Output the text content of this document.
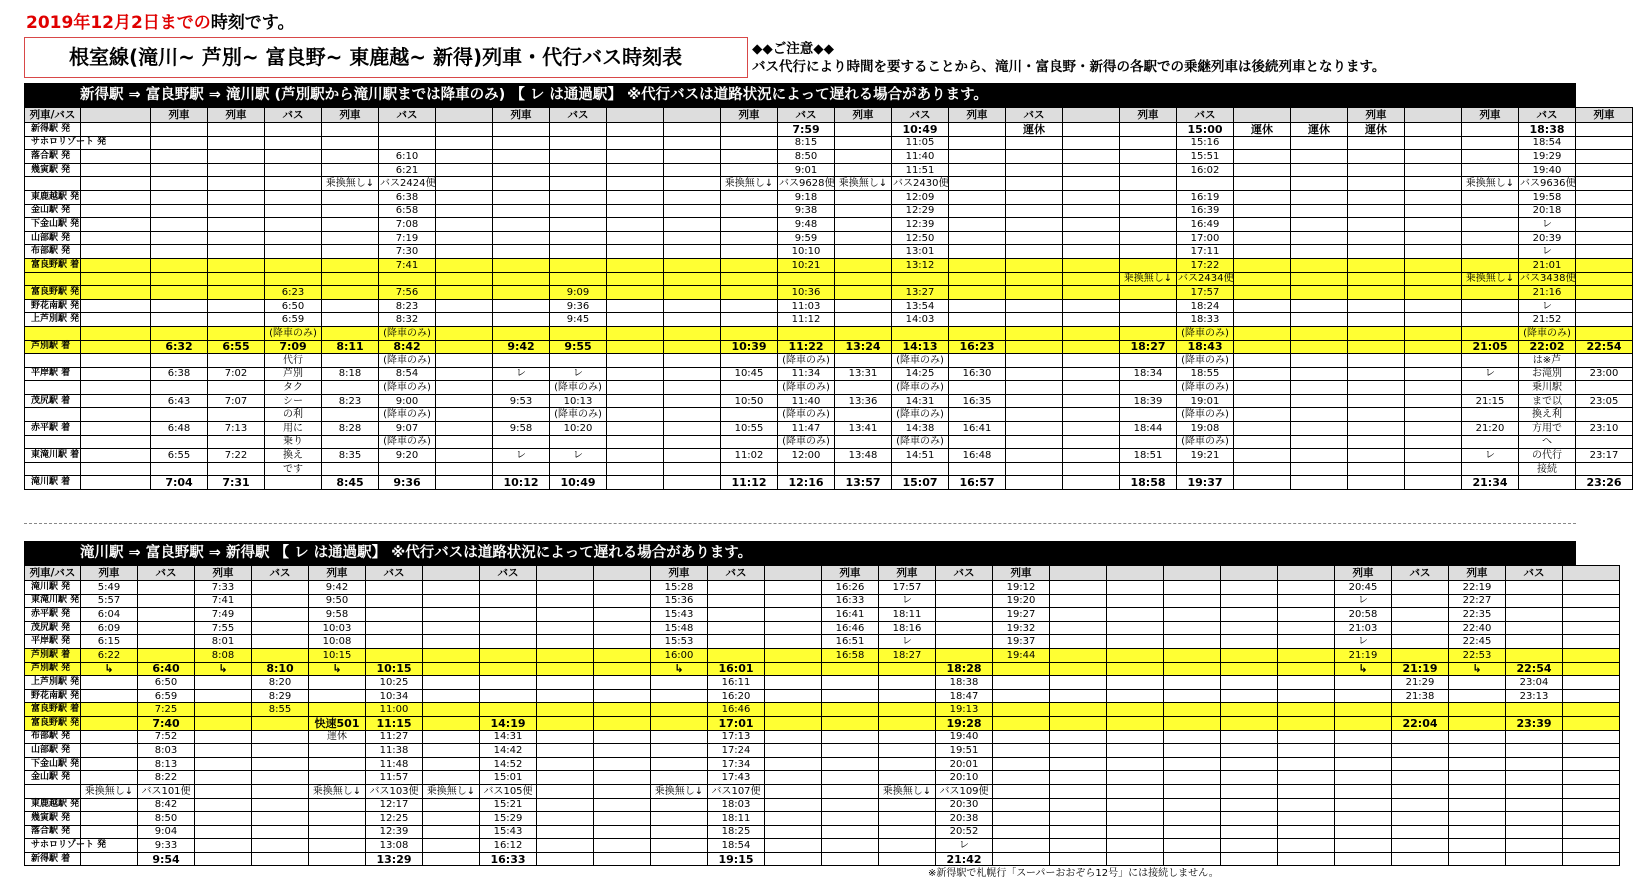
2019年12月2日までの時刻です。
根室線(滝川~ 芦別~ 富良野~ 東鹿越~ 新得)列車・代行バス時刻表	◆◆ご注意◆◆
バス代行により時間を要することから、滝川・富良野・新得の各駅での乗継列車は後続列車となります。
新得駅 ⇒ 富良野駅 ⇒ 滝川駅 (芦別駅から滝川駅までは降車のみ) 【 レ は通過駅】 ※代行バスは道路状況によって遅れる場合があります。
列車/バス		列車	列車	バス	列車	バス		列車	バス			列車	バス	列車	バス	列車	バス		列車	バス			列車		列車	バス	列車
新得駅 発													7:59		10:49		運休			15:00	運休	運休	運休			18:38	
サホロリゾート 発													8:15		11:05					15:16						18:54	
落合駅 発						6:10							8:50		11:40					15:51						19:29	
幾寅駅 発						6:21							9:01		11:51					16:02						19:40	
					乗換無し↓	バス2424便						乗換無し↓	バス9628便	乗換無し↓	バス2430便										乗換無し↓	バス9636便	
東鹿越駅 発						6:38							9:18		12:09					16:19						19:58	
金山駅 発						6:58							9:38		12:29					16:39						20:18	
下金山駅 発						7:08							9:48		12:39					16:49						レ	
山部駅 発						7:19							9:59		12:50					17:00						20:39	
布部駅 発						7:30							10:10		13:01					17:11						レ	
富良野駅 着						7:41							10:21		13:12					17:22						21:01	
																			乗換無し↓	バス2434便					乗換無し↓	バス3438便	
富良野駅 発				6:23		7:56			9:09				10:36		13:27					17:57						21:16	
野花南駅 発				6:50		8:23			9:36				11:03		13:54					18:24						レ	
上芦別駅 発				6:59		8:32			9:45				11:12		14:03					18:33						21:52	
				(降車のみ)		(降車のみ)														(降車のみ)						(降車のみ)	
芦別駅 着		6:32	6:55	7:09	8:11	8:42		9:42	9:55			10:39	11:22	13:24	14:13	16:23			18:27	18:43					21:05	22:02	22:54
				代行		(降車のみ)							(降車のみ)		(降車のみ)					(降車のみ)						は※芦	
平岸駅 着		6:38	7:02	芦別	8:18	8:54		レ	レ			10:45	11:34	13:31	14:25	16:30			18:34	18:55					レ	お滝別	23:00
				タク		(降車のみ)			(降車のみ)				(降車のみ)		(降車のみ)					(降車のみ)						乗川駅	
茂尻駅 着		6:43	7:07	シー	8:23	9:00		9:53	10:13			10:50	11:40	13:36	14:31	16:35			18:39	19:01					21:15	まで以	23:05
				の利		(降車のみ)			(降車のみ)				(降車のみ)		(降車のみ)					(降車のみ)						換え利	
赤平駅 着		6:48	7:13	用に	8:28	9:07		9:58	10:20			10:55	11:47	13:41	14:38	16:41			18:44	19:08					21:20	方用で	23:10
				乗り		(降車のみ)							(降車のみ)		(降車のみ)					(降車のみ)						へ	
東滝川駅 着		6:55	7:22	換え	8:35	9:20		レ	レ			11:02	12:00	13:48	14:51	16:48			18:51	19:21					レ	の代行	23:17
				です																						接続	
滝川駅 着		7:04	7:31		8:45	9:36		10:12	10:49			11:12	12:16	13:57	15:07	16:57			18:58	19:37					21:34		23:26
滝川駅 ⇒ 富良野駅 ⇒ 新得駅 【 レ は通過駅】 ※代行バスは道路状況によって遅れる場合があります。
列車/バス	列車	バス	列車	バス	列車	バス		バス			列車	バス		列車	列車	バス	列車						列車	バス	列車	バス	
滝川駅 発	5:49		7:33		9:42						15:28			16:26	17:57		19:12						20:45		22:19		
東滝川駅 発	5:57		7:41		9:50						15:36			16:33	レ		19:20						レ		22:27		
赤平駅 発	6:04		7:49		9:58						15:43			16:41	18:11		19:27						20:58		22:35		
茂尻駅 発	6:09		7:55		10:03						15:48			16:46	18:16		19:32						21:03		22:40		
平岸駅 発	6:15		8:01		10:08						15:53			16:51	レ		19:37						レ		22:45		
芦別駅 着	6:22		8:08		10:15						16:00			16:58	18:27		19:44						21:19		22:53		
芦別駅 発	↳	6:40	↳	8:10	↳	10:15					↳	16:01				18:28							↳	21:19	↳	22:54	
上芦別駅 発		6:50		8:20		10:25						16:11				18:38								21:29		23:04	
野花南駅 発		6:59		8:29		10:34						16:20				18:47								21:38		23:13	
富良野駅 着		7:25		8:55		11:00						16:46				19:13											
富良野駅 発		7:40			快速501	11:15		14:19				17:01				19:28								22:04		23:39	
布部駅 発		7:52			運休	11:27		14:31				17:13				19:40											
山部駅 発		8:03				11:38		14:42				17:24				19:51											
下金山駅 発		8:13				11:48		14:52				17:34				20:01											
金山駅 発		8:22				11:57		15:01				17:43				20:10											
	乗換無し↓	バス101便			乗換無し↓	バス103便	乗換無し↓	バス105便			乗換無し↓	バス107便			乗換無し↓	バス109便											
東鹿越駅 発		8:42				12:17		15:21				18:03				20:30											
幾寅駅 発		8:50				12:25		15:29				18:11				20:38											
落合駅 発		9:04				12:39		15:43				18:25				20:52											
サホロリゾート 発		9:33				13:08		16:12				18:54				レ											
新得駅 着		9:54				13:29		16:33				19:15				21:42											
※新得駅で札幌行「スーパーおおぞら12号」には接続しません。
